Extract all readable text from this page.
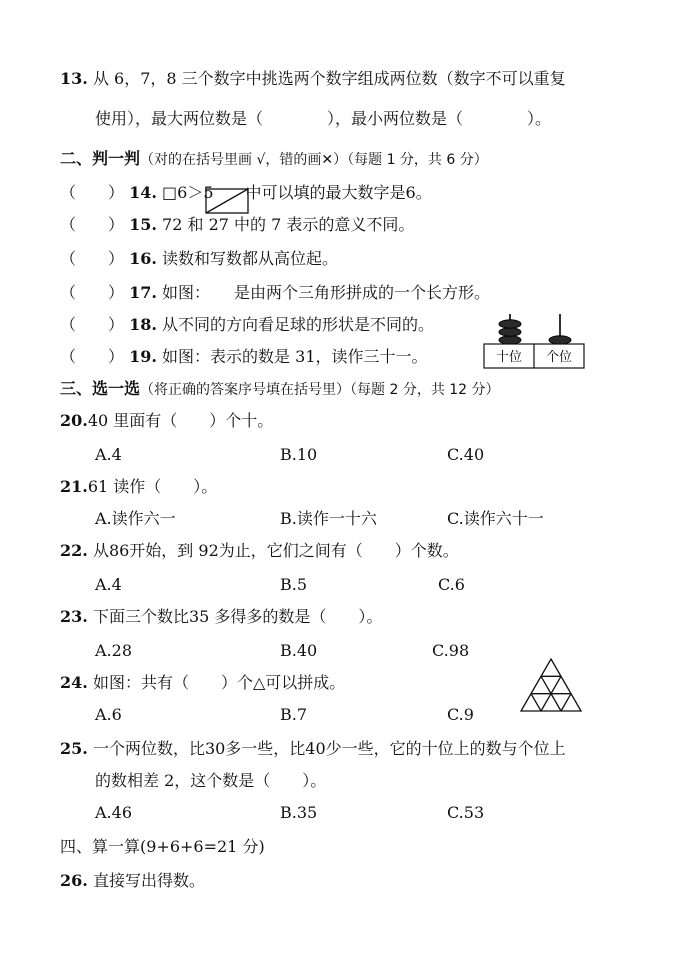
13. 从 6，7，8 三个数字中挑选两个数字组成两位数（数字不可以重复
使用），最大两位数是（　　　　），最小两位数是（　　　　）。
二、判一判（对的在括号里画 √，错的画✕）（每题 1 分，共 6 分）
（　　） 14. □6＞5　　中可以填的最大数字是6。
（　　） 15. 72 和 27 中的 7 表示的意义不同。
（　　） 16. 读数和写数都从高位起。
（　　） 17. 如图：　　是由两个三角形拼成的一个长方形。
（　　） 18. 从不同的方向看足球的形状是不同的。
（　　） 19. 如图：表示的数是 31，读作三十一。	十位 个位
三、选一选（将正确的答案序号填在括号里）（每题 2 分，共 12 分）
20.40 里面有（　　）个十。
A.4	B.10	C.40
21.61 读作（　　）。
A.读作六一	B.读作一十六	C.读作六十一
22. 从86开始，到 92为止，它们之间有（　　）个数。
A.4	B.5	C.6
23. 下面三个数比35 多得多的数是（　　）。
A.28	B.40	C.98
24. 如图：共有（　　）个△可以拼成。
A.6	B.7	C.9
25. 一个两位数，比30多一些，比40少一些，它的十位上的数与个位上
的数相差 2，这个数是（　　）。
A.46	B.35	C.53
四、算一算(9+6+6=21 分)
26. 直接写出得数。
